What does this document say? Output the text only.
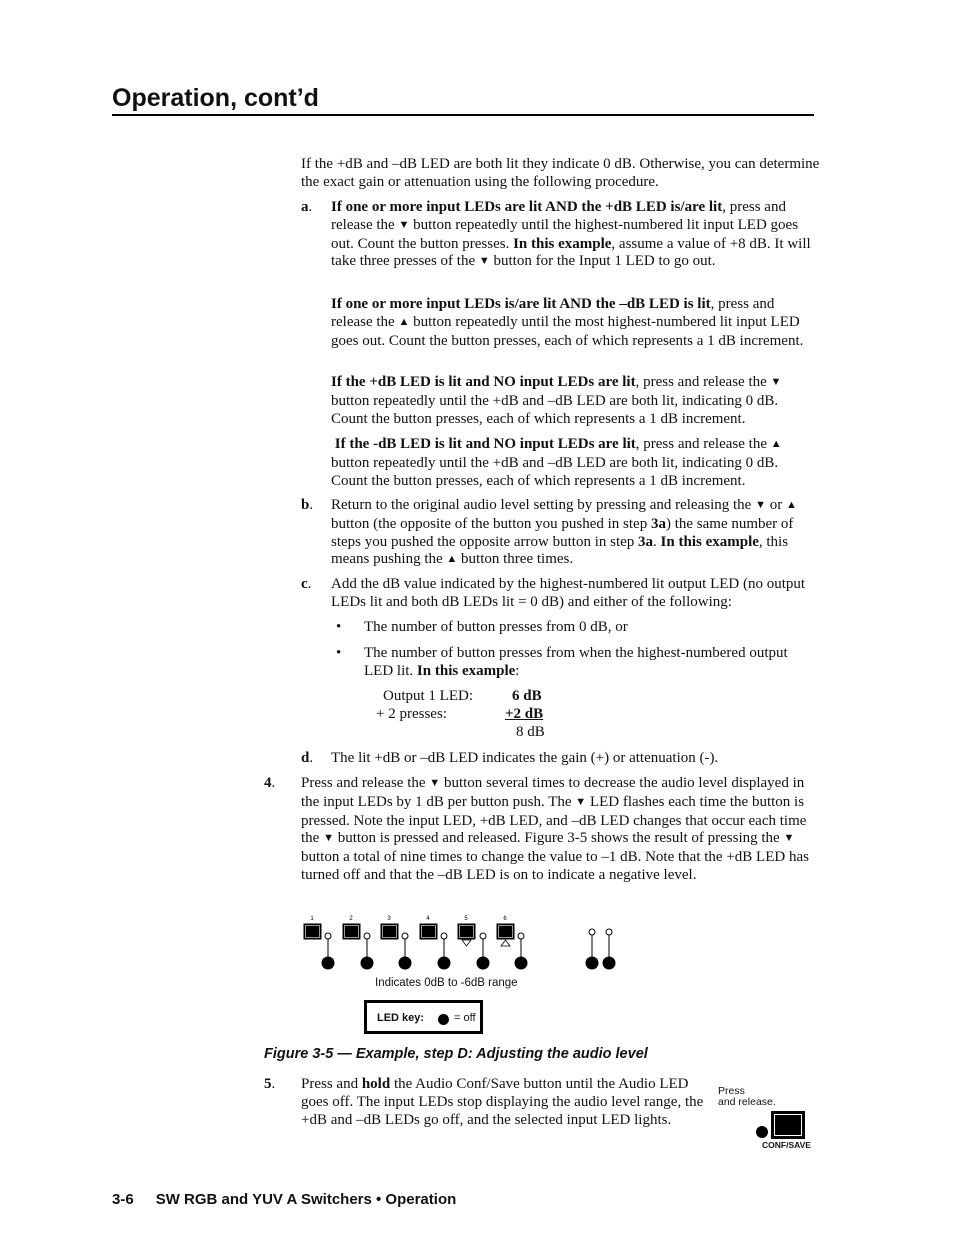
Operation, cont’d
If the +dB and –dB LED are both lit they indicate 0 dB. Otherwise, you can determine the exact gain or attenuation using the following procedure.
a. If one or more input LEDs are lit AND the +dB LED is/are lit, press and release the ▼ button repeatedly until the highest-numbered lit input LED goes out. Count the button presses. In this example, assume a value of +8 dB. It will take three presses of the ▼ button for the Input 1 LED to go out.
If one or more input LEDs is/are lit AND the –dB LED is lit, press and release the ▲ button repeatedly until the most highest-numbered lit input LED goes out. Count the button presses, each of which represents a 1 dB increment.
If the +dB LED is lit and NO input LEDs are lit, press and release the ▼ button repeatedly until the +dB and –dB LED are both lit, indicating 0 dB. Count the button presses, each of which represents a 1 dB increment.
If the -dB LED is lit and NO input LEDs are lit, press and release the ▲ button repeatedly until the +dB and –dB LED are both lit, indicating 0 dB. Count the button presses, each of which represents a 1 dB increment.
b. Return to the original audio level setting by pressing and releasing the ▼ or ▲ button (the opposite of the button you pushed in step 3a) the same number of steps you pushed the opposite arrow button in step 3a. In this example, this means pushing the ▲ button three times.
c. Add the dB value indicated by the highest-numbered lit output LED (no output LEDs lit and both dB LEDs lit = 0 dB) and either of the following:
• The number of button presses from 0 dB, or
• The number of button presses from when the highest-numbered output LED lit. In this example:
Output 1 LED:	6 dB
+ 2 presses:	+2 dB
8 dB
d. The lit +dB or –dB LED indicates the gain (+) or attenuation (-).
4. Press and release the ▼ button several times to decrease the audio level displayed in the input LEDs by 1 dB per button push. The ▼ LED flashes each time the button is pressed. Note the input LED, +dB LED, and –dB LED changes that occur each time the ▼ button is pressed and released. Figure 3-5 shows the result of pressing the ▼ button a total of nine times to change the value to –1 dB. Note that the +dB LED has turned off and that the –dB LED is on to indicate a negative level.
1	2	3	4	5	6
Indicates 0dB to -6dB range
LED key:	= off
Figure 3-5 — Example, step D: Adjusting the audio level
5. Press and hold the Audio Conf/Save button until the Audio LED goes off. The input LEDs stop displaying the audio level range, the +dB and –dB LEDs go off, and the selected input LED lights.
Press
and release.
CONF/SAVE
3-6 SW RGB and YUV A Switchers • Operation
